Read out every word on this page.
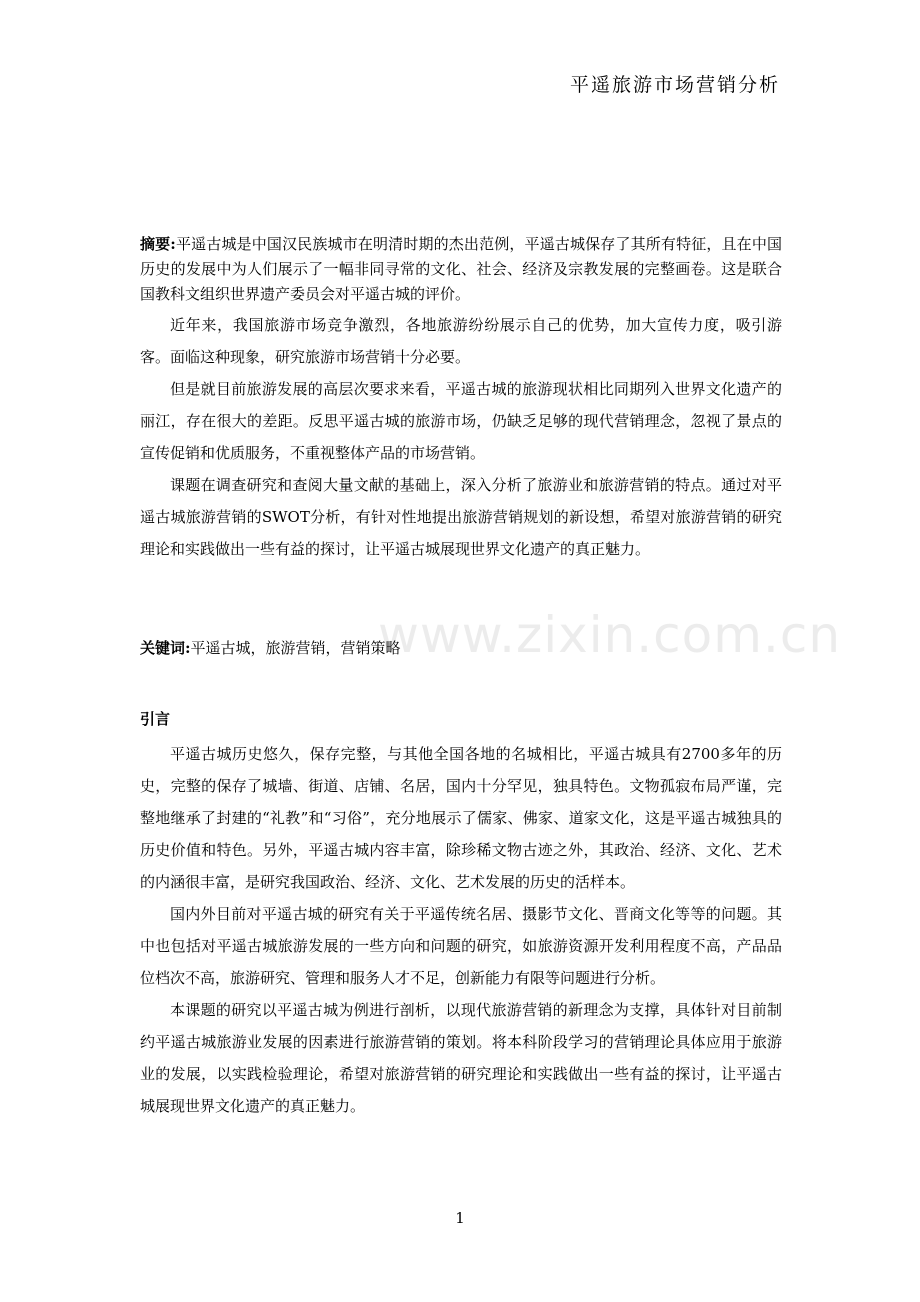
平遥旅游市场营销分析

摘要:平遥古城是中国汉民族城市在明清时期的杰出范例，平遥古城保存了其所有特征，且在中国历史的发展中为人们展示了一幅非同寻常的文化、社会、经济及宗教发展的完整画卷。这是联合国教科文组织世界遗产委员会对平遥古城的评价。

近年来，我国旅游市场竞争激烈，各地旅游纷纷展示自己的优势，加大宣传力度，吸引游客。面临这种现象，研究旅游市场营销十分必要。

但是就目前旅游发展的高层次要求来看，平遥古城的旅游现状相比同期列入世界文化遗产的丽江，存在很大的差距。反思平遥古城的旅游市场，仍缺乏足够的现代营销理念，忽视了景点的宣传促销和优质服务，不重视整体产品的市场营销。

课题在调查研究和查阅大量文献的基础上，深入分析了旅游业和旅游营销的特点。通过对平遥古城旅游营销的SWOT分析，有针对性地提出旅游营销规划的新设想，希望对旅游营销的研究理论和实践做出一些有益的探讨，让平遥古城展现世界文化遗产的真正魅力。

www.zixin.com.cn
关键词:平遥古城，旅游营销，营销策略
引言

平遥古城历史悠久，保存完整，与其他全国各地的名城相比，平遥古城具有2700多年的历史，完整的保存了城墙、街道、店铺、名居，国内十分罕见，独具特色。文物孤寂布局严谨，完整地继承了封建的“礼教”和“习俗”，充分地展示了儒家、佛家、道家文化，这是平遥古城独具的历史价值和特色。另外，平遥古城内容丰富，除珍稀文物古迹之外，其政治、经济、文化、艺术的内涵很丰富，是研究我国政治、经济、文化、艺术发展的历史的活样本。

国内外目前对平遥古城的研究有关于平遥传统名居、摄影节文化、晋商文化等等的问题。其中也包括对平遥古城旅游发展的一些方向和问题的研究，如旅游资源开发利用程度不高，产品品位档次不高，旅游研究、管理和服务人才不足，创新能力有限等问题进行分析。

本课题的研究以平遥古城为例进行剖析，以现代旅游营销的新理念为支撑，具体针对目前制约平遥古城旅游业发展的因素进行旅游营销的策划。将本科阶段学习的营销理论具体应用于旅游业的发展，以实践检验理论，希望对旅游营销的研究理论和实践做出一些有益的探讨，让平遥古城展现世界文化遗产的真正魅力。

1
